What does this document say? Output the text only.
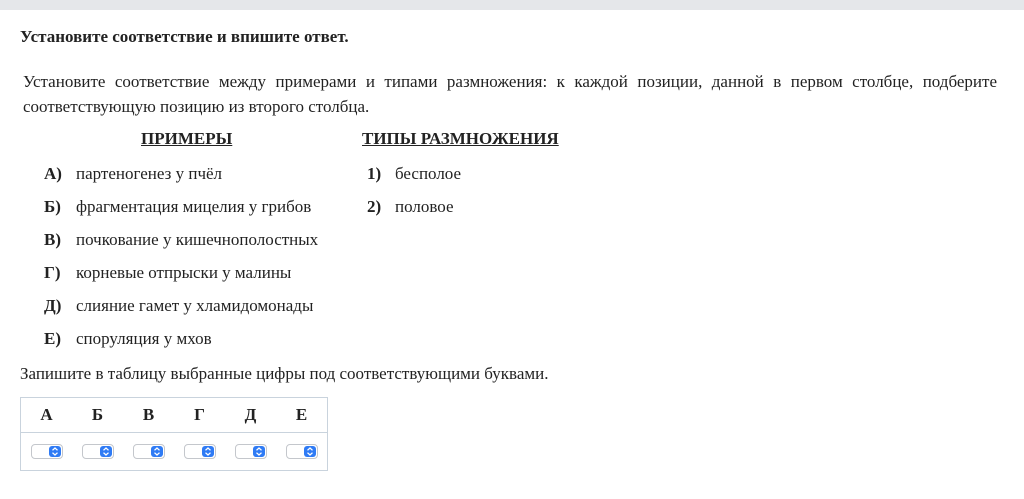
Установите соответствие и впишите ответ.
Установите соответствие между примерами и типами размножения: к каждой позиции, данной в первом столбце, подберите соответствующую позицию из второго столбца.
ПРИМЕРЫ	ТИПЫ РАЗМНОЖЕНИЯ
А) партеногенез у пчёл
Б) фрагментация мицелия у грибов
В) почкование у кишечнополостных
Г) корневые отпрыски у малины
Д) слияние гамет у хламидомонады
Е) споруляция у мхов
1) бесполое
2) половое
Запишите в таблицу выбранные цифры под соответствующими буквами.
А	Б	В	Г	Д	Е
